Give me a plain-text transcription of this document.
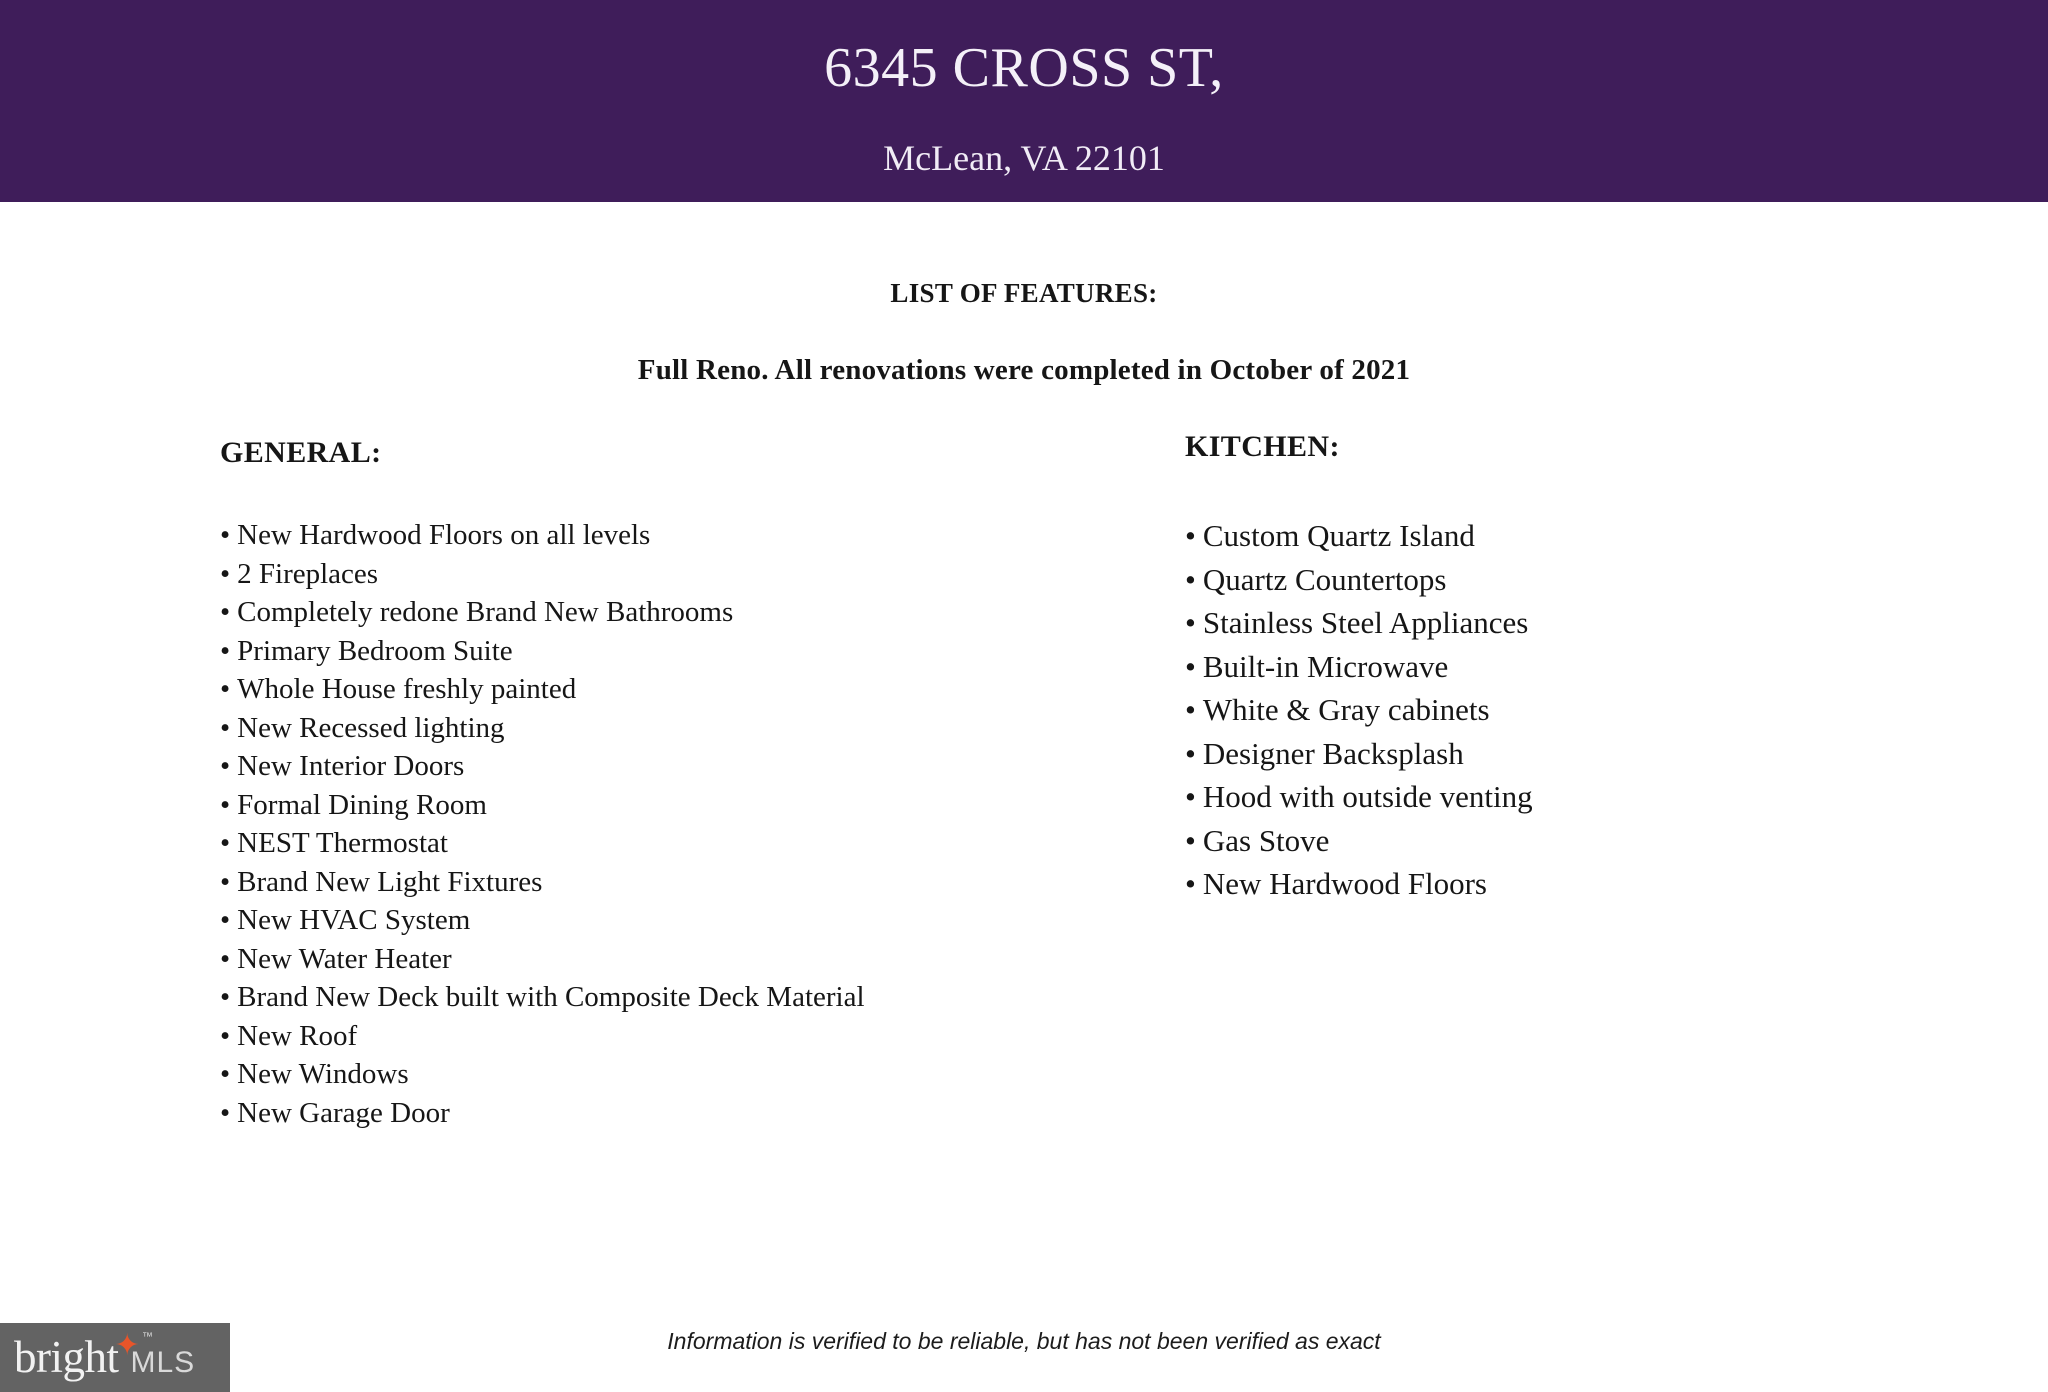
6345 CROSS ST,
McLean, VA 22101
LIST OF FEATURES:
Full Reno. All renovations were completed in October of 2021
GENERAL:
• New Hardwood Floors on all levels
• 2 Fireplaces
• Completely redone Brand New Bathrooms
• Primary Bedroom Suite
• Whole House freshly painted
• New Recessed lighting
• New Interior Doors
• Formal Dining Room
• NEST Thermostat
• Brand New Light Fixtures
• New HVAC System
• New Water Heater
• Brand New Deck built with Composite Deck Material
• New Roof
• New Windows
• New Garage Door
KITCHEN:
• Custom Quartz Island
• Quartz Countertops
• Stainless Steel Appliances
• Built-in Microwave
• White & Gray cabinets
• Designer Backsplash
• Hood with outside venting
• Gas Stove
• New Hardwood Floors
Information is verified to be reliable, but has not been verified as exact
bright
✦ ™
MLS
